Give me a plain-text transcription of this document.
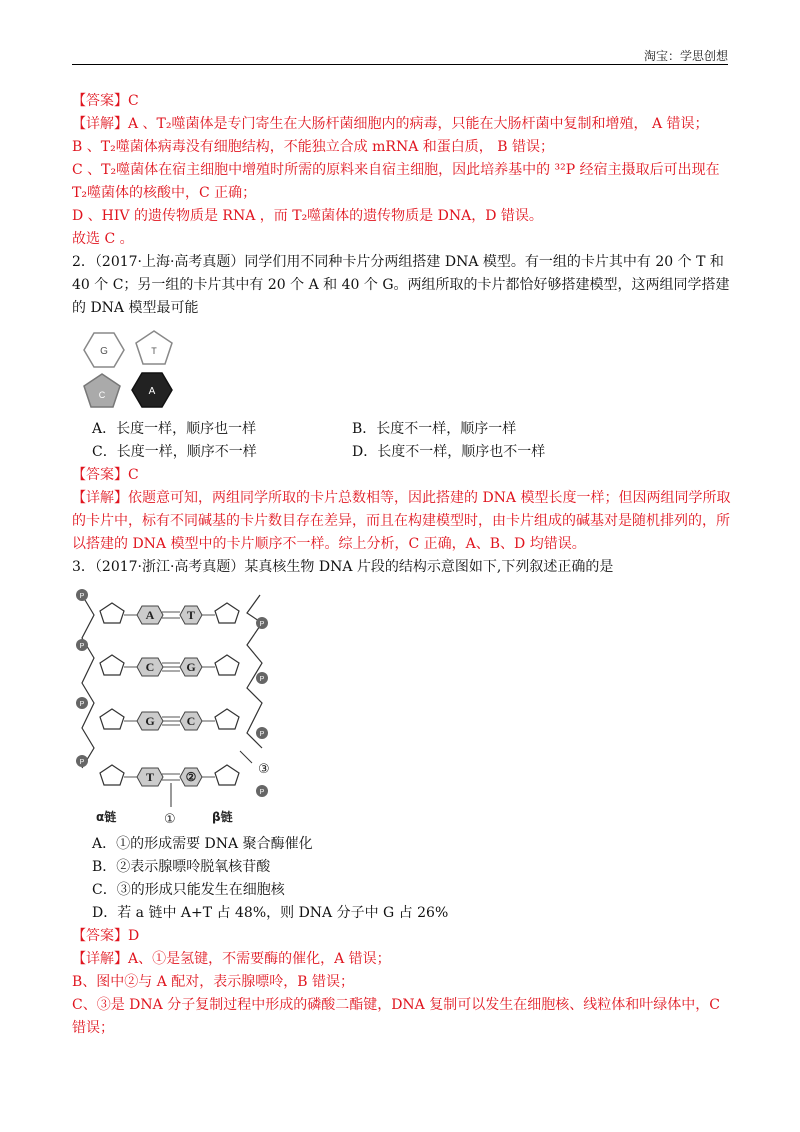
淘宝：学思创想
【答案】C
【详解】A 、T₂噬菌体是专门寄生在大肠杆菌细胞内的病毒，只能在大肠杆菌中复制和增殖， A 错误；
B 、T₂噬菌体病毒没有细胞结构，不能独立合成 mRNA 和蛋白质， B 错误；
C 、T₂噬菌体在宿主细胞中增殖时所需的原料来自宿主细胞，因此培养基中的 ³²P 经宿主摄取后可出现在
T₂噬菌体的核酸中，C 正确；
D 、HIV 的遗传物质是 RNA ，而 T₂噬菌体的遗传物质是 DNA，D 错误。
故选 C 。
2．（2017·上海·高考真题）同学们用不同种卡片分两组搭建 DNA 模型。有一组的卡片其中有 20 个 T 和 40 个 C；另一组的卡片其中有 20 个 A 和 40 个 G。两组所取的卡片都恰好够搭建模型，这两组同学搭建的 DNA 模型最可能
G	T
C	A
A．长度一样，顺序也一样	B．长度不一样，顺序一样
C．长度一样，顺序不一样	D．长度不一样，顺序也不一样
【答案】C
【详解】依题意可知，两组同学所取的卡片总数相等，因此搭建的 DNA 模型长度一样；但因两组同学所取的卡片中，标有不同碱基的卡片数目存在差异，而且在构建模型时，由卡片组成的碱基对是随机排列的，所以搭建的 DNA 模型中的卡片顺序不一样。综上分析，C 正确，A、B、D 均错误。
3．（2017·浙江·高考真题）某真核生物 DNA 片段的结构示意图如下,下列叙述正确的是
P
P
P
P
P
P
P
P
A	T
C	G
G	C
T	②	③
①
α链	β链
A．①的形成需要 DNA 聚合酶催化
B．②表示腺嘌呤脱氧核苷酸
C．③的形成只能发生在细胞核
D．若 a 链中 A+T 占 48%，则 DNA 分子中 G 占 26%
【答案】D
【详解】A、①是氢键，不需要酶的催化，A 错误；
B、图中②与 A 配对，表示腺嘌呤，B 错误；
C、③是 DNA 分子复制过程中形成的磷酸二酯键，DNA 复制可以发生在细胞核、线粒体和叶绿体中，C
错误；
